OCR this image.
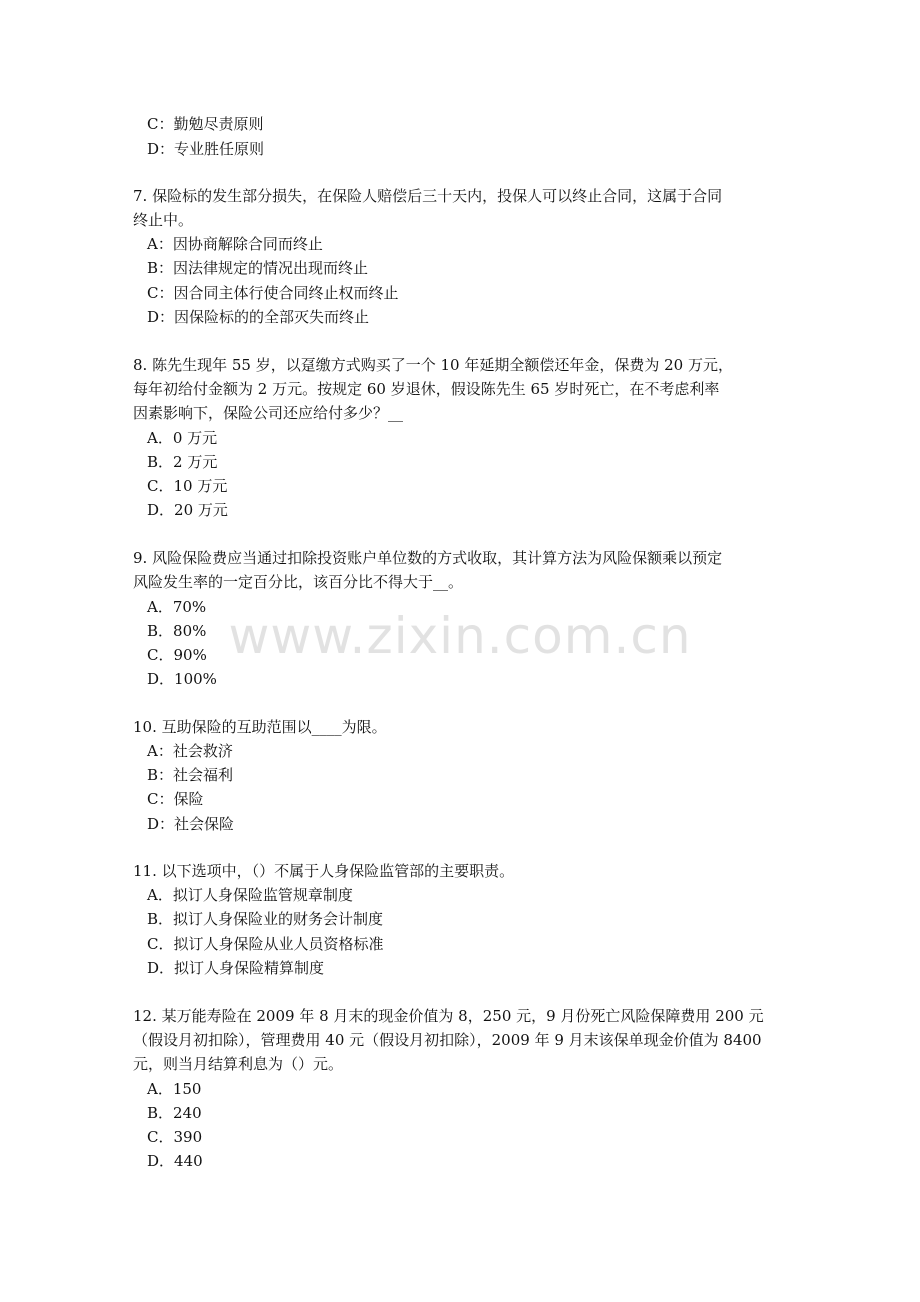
C：勤勉尽责原则
D：专业胜任原则
7. 保险标的发生部分损失，在保险人赔偿后三十天内，投保人可以终止合同，这属于合同
终止中。
A：因协商解除合同而终止
B：因法律规定的情况出现而终止
C：因合同主体行使合同终止权而终止
D：因保险标的的全部灭失而终止
8. 陈先生现年 55 岁，以趸缴方式购买了一个 10 年延期全额偿还年金，保费为 20 万元，
每年初给付金额为 2 万元。按规定 60 岁退休，假设陈先生 65 岁时死亡，在不考虑利率
因素影响下，保险公司还应给付多少？__
A．0 万元
B．2 万元
C．10 万元
D．20 万元
9. 风险保险费应当通过扣除投资账户单位数的方式收取，其计算方法为风险保额乘以预定
风险发生率的一定百分比，该百分比不得大于__。
A．70%
B．80%
C．90%
D．100%
10. 互助保险的互助范围以____为限。
A：社会救济
B：社会福利
C：保险
D：社会保险
11. 以下选项中，（）不属于人身保险监管部的主要职责。
A．拟订人身保险监管规章制度
B．拟订人身保险业的财务会计制度
C．拟订人身保险从业人员资格标准
D．拟订人身保险精算制度
12. 某万能寿险在 2009 年 8 月末的现金价值为 8，250 元，9 月份死亡风险保障费用 200 元
（假设月初扣除），管理费用 40 元（假设月初扣除），2009 年 9 月末该保单现金价值为 8400
元，则当月结算利息为（）元。
A．150
B．240
C．390
D．440
www.zixin.com.cn
